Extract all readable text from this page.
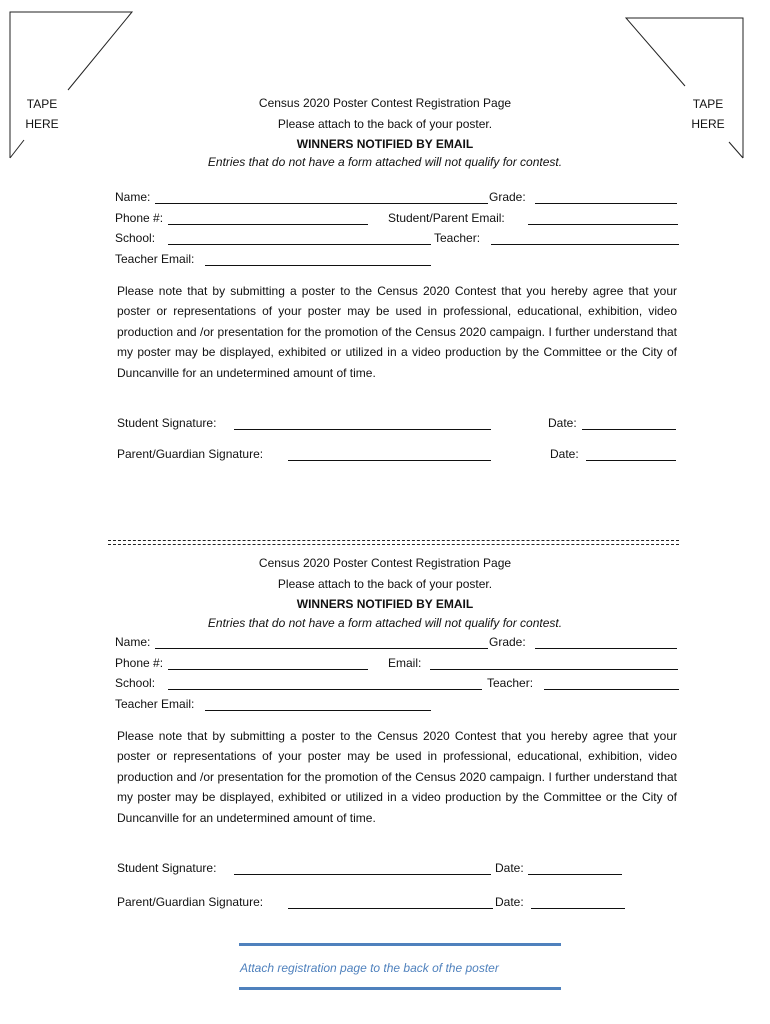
TAPE
HERE
TAPE
HERE
Census 2020 Poster Contest Registration Page
Please attach to the back of your poster.
WINNERS NOTIFIED BY EMAIL
Entries that do not have a form attached will not qualify for contest.
Name:	Grade:
Phone #:	Student/Parent Email:
School:	Teacher:
Teacher Email:
Please note that by submitting a poster to the Census 2020 Contest that you hereby agree that your poster or representations of your poster may be used in professional, educational, exhibition, video production and /or presentation for the promotion of the Census 2020 campaign. I further understand that my poster may be displayed, exhibited or utilized in a video production by the Committee or the City of Duncanville for an undetermined amount of time.
Student Signature:	Date:
Parent/Guardian Signature:	Date:
Census 2020 Poster Contest Registration Page
Please attach to the back of your poster.
WINNERS NOTIFIED BY EMAIL
Entries that do not have a form attached will not qualify for contest.
Name:	Grade:
Phone #:	Email:
School:	Teacher:
Teacher Email:
Please note that by submitting a poster to the Census 2020 Contest that you hereby agree that your poster or representations of your poster may be used in professional, educational, exhibition, video production and /or presentation for the promotion of the Census 2020 campaign. I further understand that my poster may be displayed, exhibited or utilized in a video production by the Committee or the City of Duncanville for an undetermined amount of time.
Student Signature:	Date:
Parent/Guardian Signature:	Date:
Attach registration page to the back of the poster
